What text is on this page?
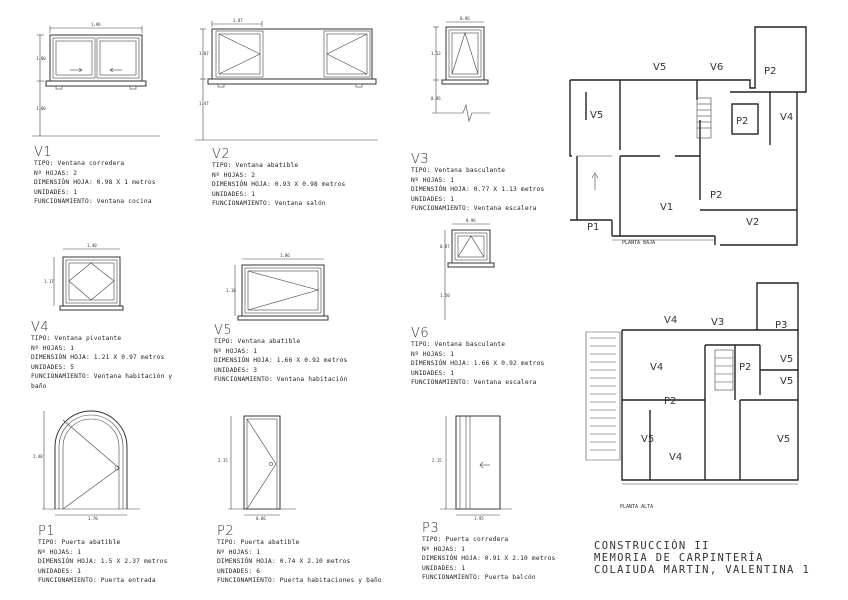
1.96
1.00
1.00
1.87
1.07
1.47
0.96
1.13
0.96
1.40
1.17
1.86
1.10
0.96
0.87
1.50
1.70
2.48
0.86
2.15
1.95
2.15
V5	V6	P2
V5
P2	V4
P2
V1
V2
P1
PLANTA BAJA
V4	V3	P3
V4	P2
V5
V5
P2
V5	V5
V4
PLANTA ALTA
V1
TIPO: Ventana corredera
Nº HOJAS: 2
DIMENSIÓN HOJA: 0.98 X 1 metros
UNIDADES: 1
FUNCIONAMIENTO: Ventana cocina
V2
TIPO: Ventana abatible
Nº HOJAS: 2
DIMENSIÓN HOJA: 0.93 X 0.98 metros
UNIDADES: 1
FUNCIONAMIENTO: Ventana salón
V3
TIPO: Ventana basculante
Nº HOJAS: 1
DIMENSIÓN HOJA: 0.77 X 1.13 metros
UNIDADES: 1
FUNCIONAMIENTO: Ventana escalera
V4
TIPO: Ventana pivotante
Nº HOJAS: 1
DIMENSIÓN HOJA: 1.21 X 0.97 metros
UNIDADES: 5
FUNCIONAMIENTO: Ventana habitación y
baño
V5
TIPO: Ventana abatible
Nº HOJAS: 1
DIMENSIÓN HOJA: 1.66 X 0.92 metros
UNIDADES: 3
FUNCIONAMIENTO: Ventana habitación
V6
TIPO: Ventana basculante
Nº HOJAS: 1
DIMENSIÓN HOJA: 1.66 X 0.92 metros
UNIDADES: 1
FUNCIONAMIENTO: Ventana escalera
P1
TIPO: Puerta abatible
Nº HOJAS: 1
DIMENSIÓN HOJA: 1.5 X 2.37 metros
UNIDADES: 1
FUNCIONAMIENTO: Puerta entrada
P2
TIPO: Puerta abatible
Nº HOJAS: 1
DIMENSIÓN HOJA: 0.74 X 2.10 metros
UNIDADES: 6
FUNCIONAMIENTO: Puerta habitaciones y baño
P3
TIPO: Puerta corredera
Nº HOJAS: 1
DIMENSIÓN HOJA: 0.91 X 2.10 metros
UNIDADES: 1
FUNCIONAMIENTO: Puerta balcón
CONSTRUCCIÓN II
MEMORIA DE CARPINTERÍA
COLAIUDA MARTIN, VALENTINA 1
